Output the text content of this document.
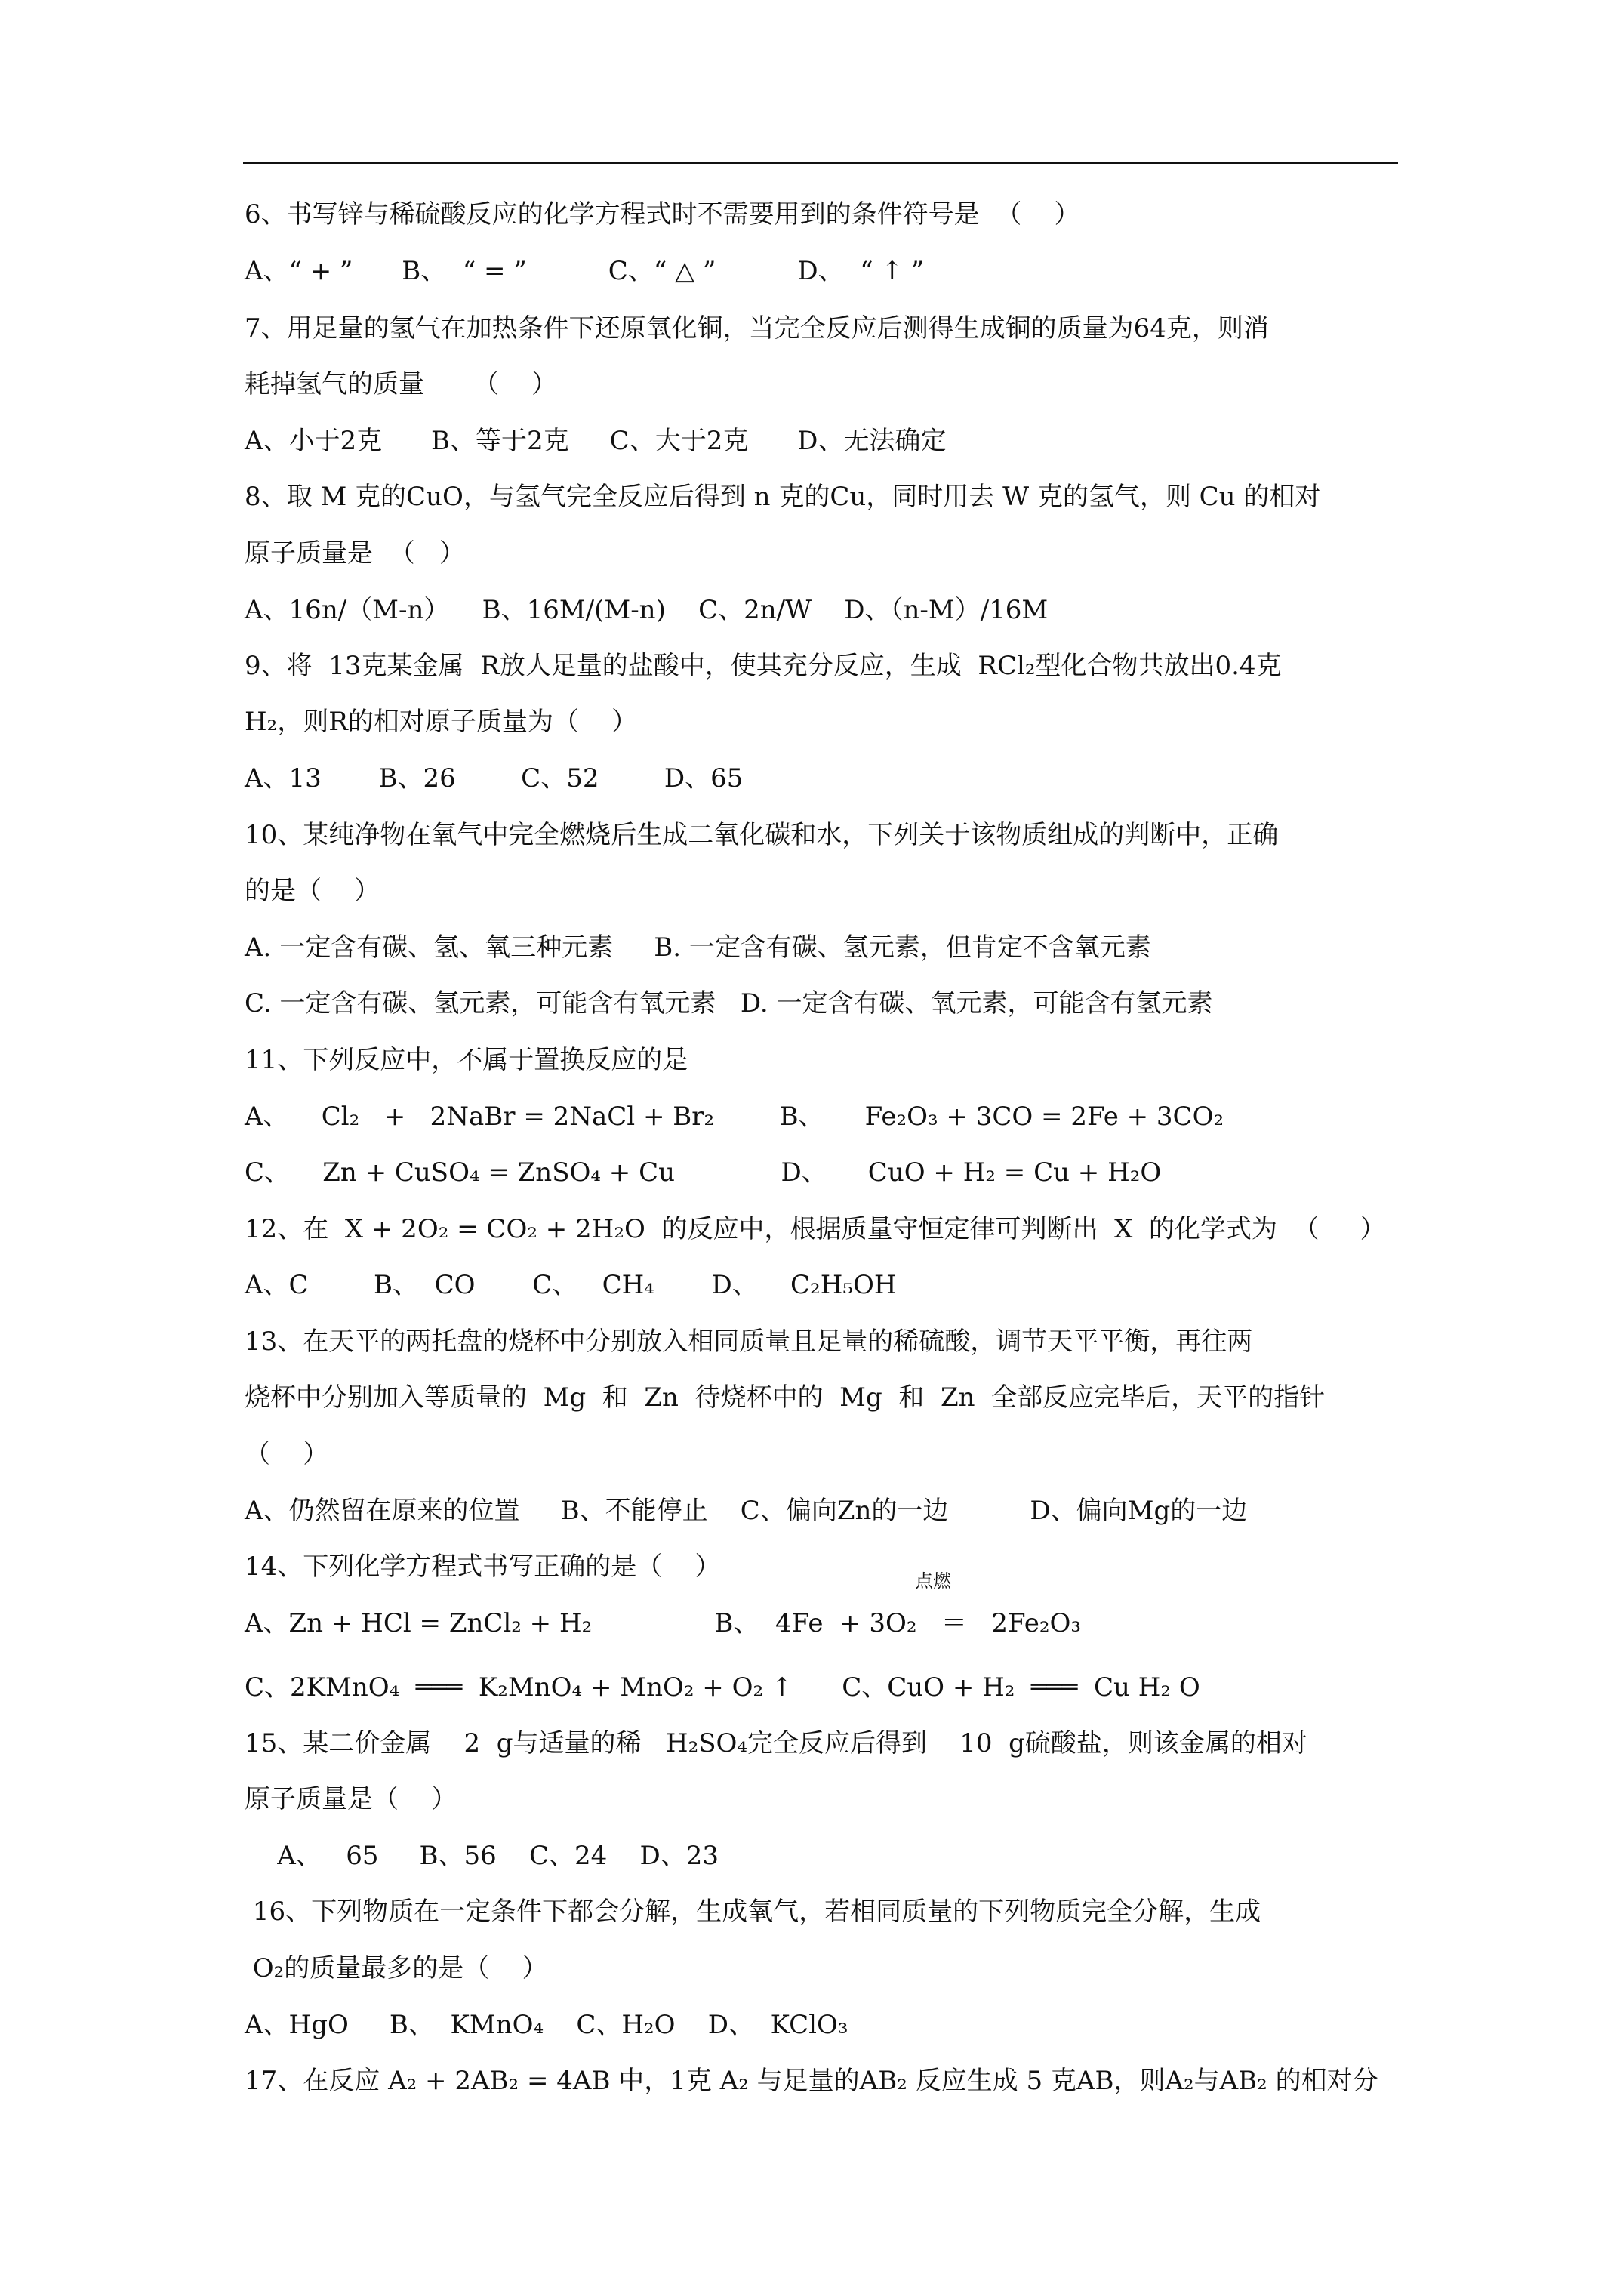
6、书写锌与稀硫酸反应的化学方程式时不需要用到的条件符号是  （    ）
A、“ + ”      B、  “ = ”          C、“ △ ”          D、  “ ↑ ”
7、用足量的氢气在加热条件下还原氧化铜，当完全反应后测得生成铜的质量为64克，则消
耗掉氢气的质量      （    ）
A、小于2克      B、等于2克     C、大于2克      D、无法确定
8、取 M 克的CuO，与氢气完全反应后得到 n 克的Cu，同时用去 W 克的氢气，则 Cu 的相对
原子质量是  （   ）
A、16n/（M-n）    B、16M/(M-n)    C、2n/W    D、（n-M）/16M
9、将  13克某金属  R放人足量的盐酸中，使其充分反应，生成  RCl₂型化合物共放出0.4克
H₂，则R的相对原子质量为（    ）
A、13       B、26        C、52        D、65
10、某纯净物在氧气中完全燃烧后生成二氧化碳和水，下列关于该物质组成的判断中，正确
的是（    ）
A. 一定含有碳、氢、氧三种元素     B. 一定含有碳、氢元素，但肯定不含氧元素
C. 一定含有碳、氢元素，可能含有氧元素   D. 一定含有碳、氧元素，可能含有氢元素
11、下列反应中，不属于置换反应的是
A、    Cl₂   +   2NaBr = 2NaCl + Br₂        B、     Fe₂O₃ + 3CO = 2Fe + 3CO₂
C、    Zn + CuSO₄ = ZnSO₄ + Cu             D、     CuO + H₂ = Cu + H₂O
12、在  X + 2O₂ = CO₂ + 2H₂O  的反应中，根据质量守恒定律可判断出  X  的化学式为  （     ）
A、C        B、  CO       C、   CH₄       D、    C₂H₅OH
13、在天平的两托盘的烧杯中分别放入相同质量且足量的稀硫酸，调节天平平衡，再往两
烧杯中分别加入等质量的  Mg  和  Zn  待烧杯中的  Mg  和  Zn  全部反应完毕后，天平的指针
（    ）
A、仍然留在原来的位置     B、不能停止    C、偏向Zn的一边          D、偏向Mg的一边
14、下列化学方程式书写正确的是（    ）	点燃
A、Zn + HCl = ZnCl₂ + H₂               B、  4Fe  + 3O₂   ＝   2Fe₂O₃
C、2KMnO₄  ═══  K₂MnO₄ + MnO₂ + O₂ ↑      C、CuO + H₂  ═══  Cu H₂ O
15、某二价金属    2  g与适量的稀   H₂SO₄完全反应后得到    10  g硫酸盐，则该金属的相对
原子质量是（    ）
A、   65     B、56    C、24    D、23
16、下列物质在一定条件下都会分解，生成氧气，若相同质量的下列物质完全分解，生成
O₂的质量最多的是（    ）
A、HgO     B、  KMnO₄    C、H₂O    D、  KClO₃
17、在反应 A₂ + 2AB₂ = 4AB 中，1克 A₂ 与足量的AB₂ 反应生成 5 克AB，则A₂与AB₂ 的相对分
